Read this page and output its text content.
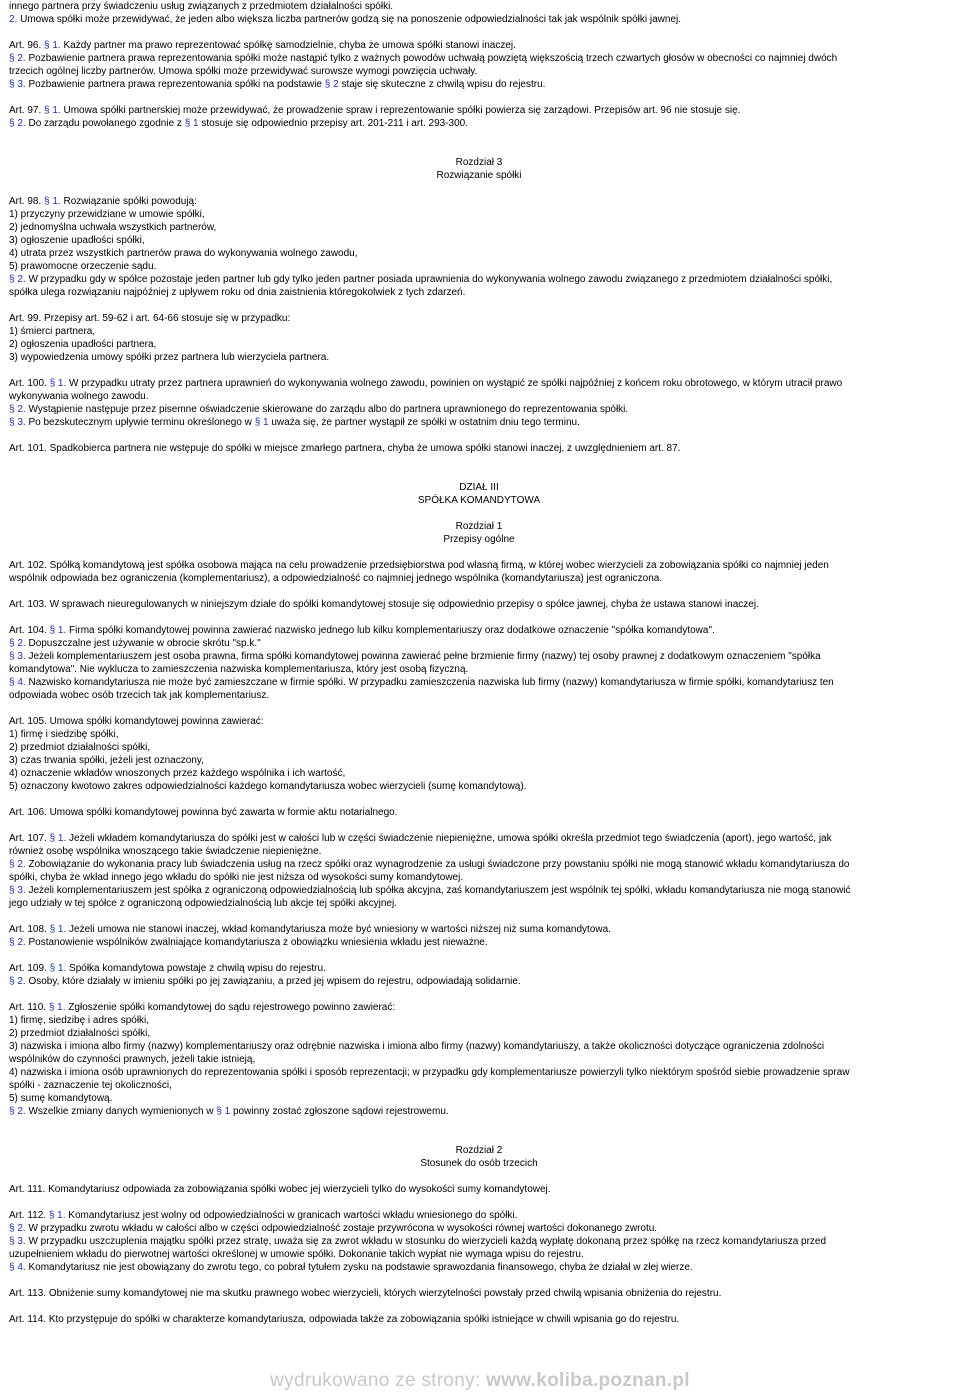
innego partnera przy świadczeniu usług związanych z przedmiotem działalności spółki.
2. Umowa spółki może przewidywać, że jeden albo większa liczba partnerów godzą się na ponoszenie odpowiedzialności tak jak wspólnik spółki jawnej.
Art. 96. § 1. Każdy partner ma prawo reprezentować spółkę samodzielnie, chyba że umowa spółki stanowi inaczej.
§ 2. Pozbawienie partnera prawa reprezentowania spółki może nastąpić tylko z ważnych powodów uchwałą powziętą większością trzech czwartych głosów w obecności co najmniej dwóch
trzecich ogólnej liczby partnerów. Umowa spółki może przewidywać surowsze wymogi powzięcia uchwały.
§ 3. Pozbawienie partnera prawa reprezentowania spółki na podstawie § 2 staje się skuteczne z chwilą wpisu do rejestru.
Art. 97. § 1. Umowa spółki partnerskiej może przewidywać, że prowadzenie spraw i reprezentowanie spółki powierza się zarządowi. Przepisów art. 96 nie stosuje się.
§ 2. Do zarządu powołanego zgodnie z § 1 stosuje się odpowiednio przepisy art. 201-211 i art. 293-300.
Rozdział 3
Rozwiązanie spółki
Art. 98. § 1. Rozwiązanie spółki powodują:
1) przyczyny przewidziane w umowie spółki,
2) jednomyślna uchwała wszystkich partnerów,
3) ogłoszenie upadłości spółki,
4) utrata przez wszystkich partnerów prawa do wykonywania wolnego zawodu,
5) prawomocne orzeczenie sądu.
§ 2. W przypadku gdy w spółce pozostaje jeden partner lub gdy tylko jeden partner posiada uprawnienia do wykonywania wolnego zawodu związanego z przedmiotem działalności spółki,
spółka ulega rozwiązaniu najpóźniej z upływem roku od dnia zaistnienia któregokolwiek z tych zdarzeń.
Art. 99. Przepisy art. 59-62 i art. 64-66 stosuje się w przypadku:
1) śmierci partnera,
2) ogłoszenia upadłości partnera,
3) wypowiedzenia umowy spółki przez partnera lub wierzyciela partnera.
Art. 100. § 1. W przypadku utraty przez partnera uprawnień do wykonywania wolnego zawodu, powinien on wystąpić ze spółki najpóźniej z końcem roku obrotowego, w którym utracił prawo
wykonywania wolnego zawodu.
§ 2. Wystąpienie następuje przez pisemne oświadczenie skierowane do zarządu albo do partnera uprawnionego do reprezentowania spółki.
§ 3. Po bezskutecznym upływie terminu określonego w § 1 uważa się, że partner wystąpił ze spółki w ostatnim dniu tego terminu.
Art. 101. Spadkobierca partnera nie wstępuje do spółki w miejsce zmarłego partnera, chyba że umowa spółki stanowi inaczej, z uwzględnieniem art. 87.
DZIAŁ III
SPÓŁKA KOMANDYTOWA
Rozdział 1
Przepisy ogólne
Art. 102. Spółką komandytową jest spółka osobowa mająca na celu prowadzenie przedsiębiorstwa pod własną firmą, w której wobec wierzycieli za zobowiązania spółki co najmniej jeden
wspólnik odpowiada bez ograniczenia (komplementariusz), a odpowiedzialność co najmniej jednego wspólnika (komandytariusza) jest ograniczona.
Art. 103. W sprawach nieuregulowanych w niniejszym dziale do spółki komandytowej stosuje się odpowiednio przepisy o spółce jawnej, chyba że ustawa stanowi inaczej.
Art. 104. § 1. Firma spółki komandytowej powinna zawierać nazwisko jednego lub kilku komplementariuszy oraz dodatkowe oznaczenie "spółka komandytowa".
§ 2. Dopuszczalne jest używanie w obrocie skrótu "sp.k."
§ 3. Jeżeli komplementariuszem jest osoba prawna, firma spółki komandytowej powinna zawierać pełne brzmienie firmy (nazwy) tej osoby prawnej z dodatkowym oznaczeniem "spółka
komandytowa". Nie wyklucza to zamieszczenia nazwiska komplementariusza, który jest osobą fizyczną.
§ 4. Nazwisko komandytariusza nie może być zamieszczane w firmie spółki. W przypadku zamieszczenia nazwiska lub firmy (nazwy) komandytariusza w firmie spółki, komandytariusz ten
odpowiada wobec osób trzecich tak jak komplementariusz.
Art. 105. Umowa spółki komandytowej powinna zawierać:
1) firmę i siedzibę spółki,
2) przedmiot działalności spółki,
3) czas trwania spółki, jeżeli jest oznaczony,
4) oznaczenie wkładów wnoszonych przez każdego wspólnika i ich wartość,
5) oznaczony kwotowo zakres odpowiedzialności każdego komandytariusza wobec wierzycieli (sumę komandytową).
Art. 106. Umowa spółki komandytowej powinna być zawarta w formie aktu notarialnego.
Art. 107. § 1. Jeżeli wkładem komandytariusza do spółki jest w całości lub w części świadczenie niepieniężne, umowa spółki określa przedmiot tego świadczenia (aport), jego wartość, jak
również osobę wspólnika wnoszącego takie świadczenie niepieniężne.
§ 2. Zobowiązanie do wykonania pracy lub świadczenia usług na rzecz spółki oraz wynagrodzenie za usługi świadczone przy powstaniu spółki nie mogą stanowić wkładu komandytariusza do
spółki, chyba że wkład innego jego wkładu do spółki nie jest niższa od wysokości sumy komandytowej.
§ 3. Jeżeli komplementariuszem jest spółka z ograniczoną odpowiedzialnością lub spółka akcyjna, zaś komandytariuszem jest wspólnik tej spółki, wkładu komandytariusza nie mogą stanowić
jego udziały w tej spółce z ograniczoną odpowiedzialnością lub akcje tej spółki akcyjnej.
Art. 108. § 1. Jeżeli umowa nie stanowi inaczej, wkład komandytariusza może być wniesiony w wartości niższej niż suma komandytowa.
§ 2. Postanowienie wspólników zwalniające komandytariusza z obowiązku wniesienia wkładu jest nieważne.
Art. 109. § 1. Spółka komandytowa powstaje z chwilą wpisu do rejestru.
§ 2. Osoby, które działały w imieniu spółki po jej zawiązaniu, a przed jej wpisem do rejestru, odpowiadają solidarnie.
Art. 110. § 1. Zgłoszenie spółki komandytowej do sądu rejestrowego powinno zawierać:
1) firmę, siedzibę i adres spółki,
2) przedmiot działalności spółki,
3) nazwiska i imiona albo firmy (nazwy) komplementariuszy oraz odrębnie nazwiska i imiona albo firmy (nazwy) komandytariuszy, a także okoliczności dotyczące ograniczenia zdolności
wspólników do czynności prawnych, jeżeli takie istnieją,
4) nazwiska i imiona osób uprawnionych do reprezentowania spółki i sposób reprezentacji; w przypadku gdy komplementariusze powierzyli tylko niektórym spośród siebie prowadzenie spraw
spółki - zaznaczenie tej okoliczności,
5) sumę komandytową.
§ 2. Wszelkie zmiany danych wymienionych w § 1 powinny zostać zgłoszone sądowi rejestrowemu.
Rozdział 2
Stosunek do osób trzecich
Art. 111. Komandytariusz odpowiada za zobowiązania spółki wobec jej wierzycieli tylko do wysokości sumy komandytowej.
Art. 112. § 1. Komandytariusz jest wolny od odpowiedzialności w granicach wartości wkładu wniesionego do spółki.
§ 2. W przypadku zwrotu wkładu w całości albo w części odpowiedzialność zostaje przywrócona w wysokości równej wartości dokonanego zwrotu.
§ 3. W przypadku uszczuplenia majątku spółki przez stratę, uważa się za zwrot wkładu w stosunku do wierzycieli każdą wypłatę dokonaną przez spółkę na rzecz komandytariusza przed
uzupełnieniem wkładu do pierwotnej wartości określonej w umowie spółki. Dokonanie takich wypłat nie wymaga wpisu do rejestru.
§ 4. Komandytariusz nie jest obowiązany do zwrotu tego, co pobrał tytułem zysku na podstawie sprawozdania finansowego, chyba że działał w złej wierze.
Art. 113. Obniżenie sumy komandytowej nie ma skutku prawnego wobec wierzycieli, których wierzytelności powstały przed chwilą wpisania obniżenia do rejestru.
Art. 114. Kto przystępuje do spółki w charakterze komandytariusza, odpowiada także za zobowiązania spółki istniejące w chwili wpisania go do rejestru.
wydrukowano ze strony: www.koliba.poznan.pl
